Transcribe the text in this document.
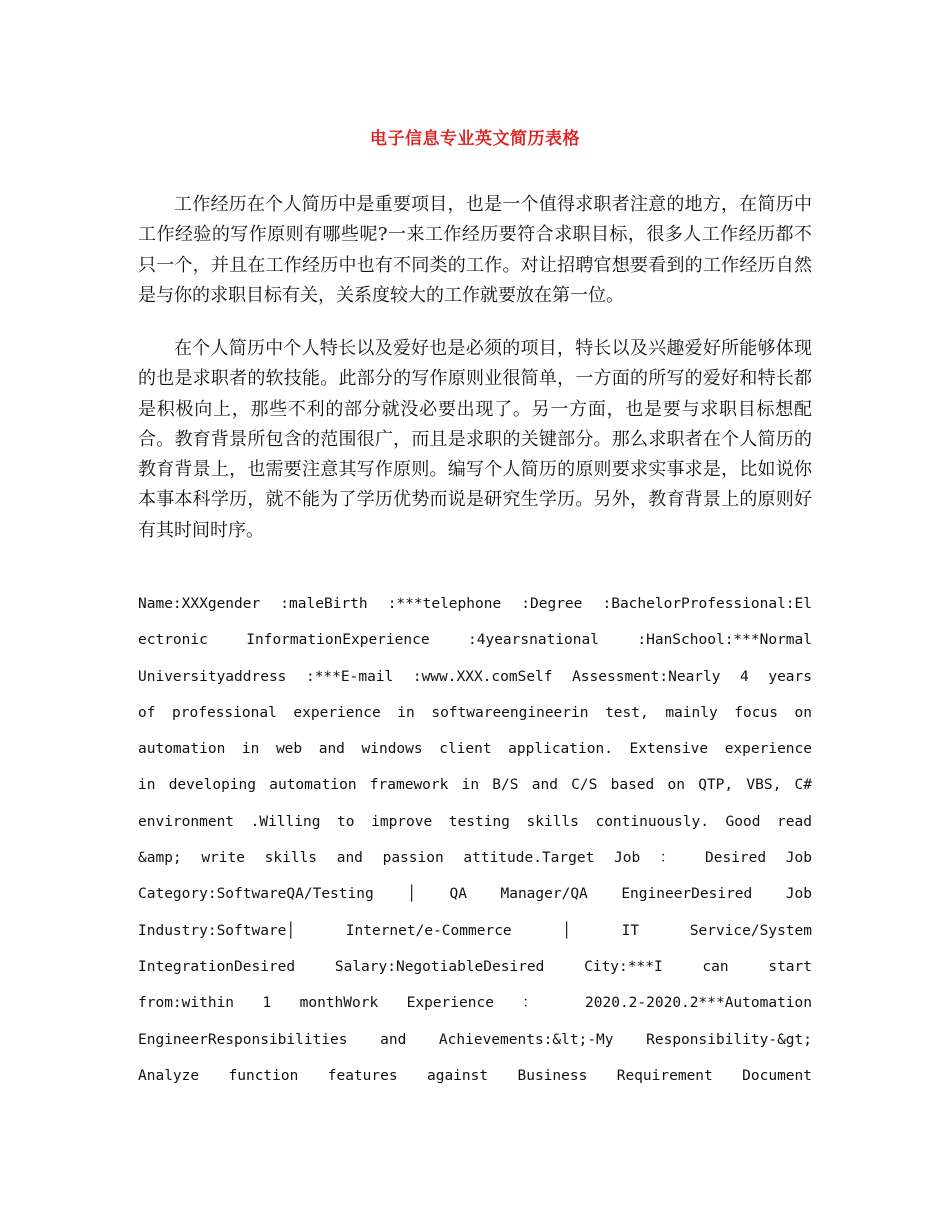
电子信息专业英文简历表格

工作经历在个人简历中是重要项目，也是一个值得求职者注意的地方，在简历中工作经验的写作原则有哪些呢?一来工作经历要符合求职目标，很多人工作经历都不只一个，并且在工作经历中也有不同类的工作。对让招聘官想要看到的工作经历自然是与你的求职目标有关，关系度较大的工作就要放在第一位。

在个人简历中个人特长以及爱好也是必须的项目，特长以及兴趣爱好所能够体现的也是求职者的软技能。此部分的写作原则业很简单，一方面的所写的爱好和特长都是积极向上，那些不利的部分就没必要出现了。另一方面，也是要与求职目标想配合。教育背景所包含的范围很广，而且是求职的关键部分。那么求职者在个人简历的教育背景上，也需要注意其写作原则。编写个人简历的原则要求实事求是，比如说你本事本科学历，就不能为了学历优势而说是研究生学历。另外，教育背景上的原则好有其时间时序。

Name:XXXgender :maleBirth :***telephone :Degree :BachelorProfessional:El
ectronic InformationExperience :4yearsnational :HanSchool:***Normal
Universityaddress :***E-mail :www.XXX.comSelf Assessment:Nearly 4 years
of professional experience in softwareengineerin test, mainly focus on
automation in web and windows client application. Extensive experience
in developing automation framework in B/S and C/S based on QTP, VBS, C#
environment .Willing to improve testing skills continuously. Good read
&amp; write skills and passion attitude.Target Job ： Desired Job
Category:SoftwareQA/Testing │ QA Manager/QA EngineerDesired Job
Industry:Software│ Internet/e-Commerce │ IT Service/System
IntegrationDesired Salary:NegotiableDesired City:***I can start
from:within 1 monthWork Experience ： 2020.2-2020.2***Automation
EngineerResponsibilities and Achievements:&lt;-My Responsibility-&gt;
Analyze function features against Business Requirement Document
